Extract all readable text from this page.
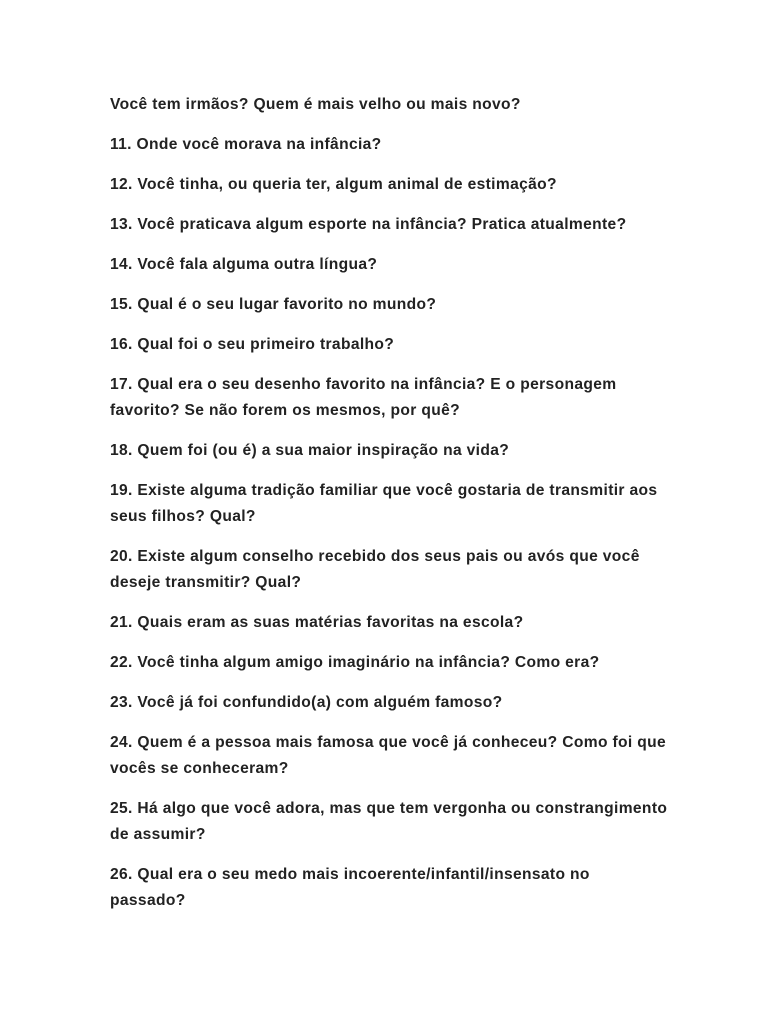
Você tem irmãos? Quem é mais velho ou mais novo?

11. Onde você morava na infância?

12. Você tinha, ou queria ter, algum animal de estimação?

13. Você praticava algum esporte na infância? Pratica atualmente?

14. Você fala alguma outra língua?

15. Qual é o seu lugar favorito no mundo?

16. Qual foi o seu primeiro trabalho?

17. Qual era o seu desenho favorito na infância? E o personagem favorito? Se não forem os mesmos, por quê?

18. Quem foi (ou é) a sua maior inspiração na vida?

19. Existe alguma tradição familiar que você gostaria de transmitir aos seus filhos? Qual?

20. Existe algum conselho recebido dos seus pais ou avós que você deseje transmitir? Qual?

21. Quais eram as suas matérias favoritas na escola?

22. Você tinha algum amigo imaginário na infância? Como era?

23. Você já foi confundido(a) com alguém famoso?

24. Quem é a pessoa mais famosa que você já conheceu? Como foi que vocês se conheceram?

25. Há algo que você adora, mas que tem vergonha ou constrangimento de assumir?

26. Qual era o seu medo mais incoerente/infantil/insensato no passado?
